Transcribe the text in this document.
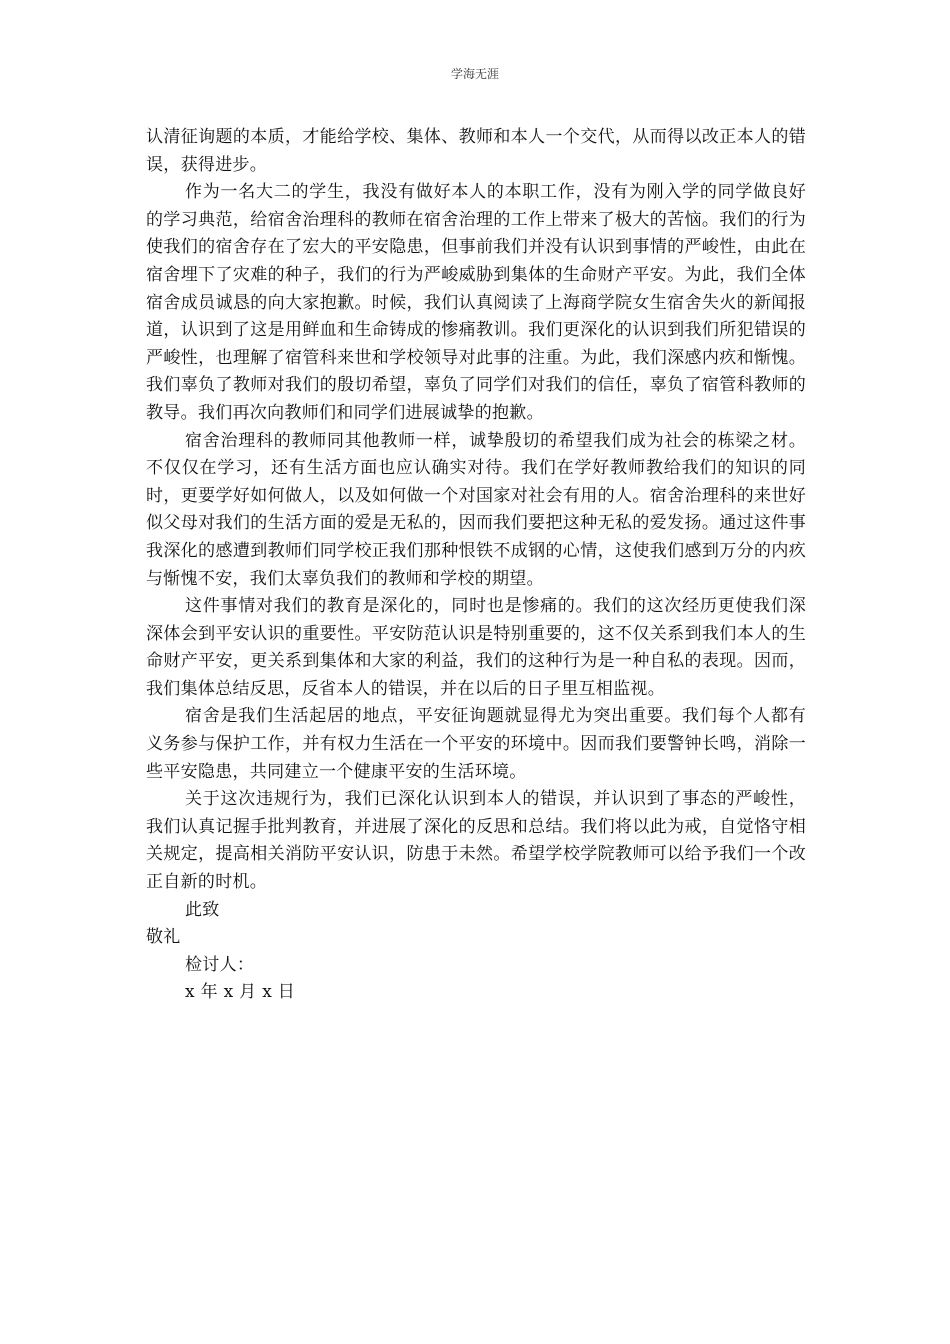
学海无涯

认清征询题的本质，才能给学校、集体、教师和本人一个交代，从而得以改正本人的错误，获得进步。

作为一名大二的学生，我没有做好本人的本职工作，没有为刚入学的同学做良好的学习典范，给宿舍治理科的教师在宿舍治理的工作上带来了极大的苦恼。我们的行为使我们的宿舍存在了宏大的平安隐患，但事前我们并没有认识到事情的严峻性，由此在宿舍埋下了灾难的种子，我们的行为严峻威胁到集体的生命财产平安。为此，我们全体宿舍成员诚恳的向大家抱歉。时候，我们认真阅读了上海商学院女生宿舍失火的新闻报道，认识到了这是用鲜血和生命铸成的惨痛教训。我们更深化的认识到我们所犯错误的严峻性，也理解了宿管科来世和学校领导对此事的注重。为此，我们深感内疚和惭愧。我们辜负了教师对我们的殷切希望，辜负了同学们对我们的信任，辜负了宿管科教师的教导。我们再次向教师们和同学们进展诚挚的抱歉。

宿舍治理科的教师同其他教师一样，诚挚殷切的希望我们成为社会的栋梁之材。不仅仅在学习，还有生活方面也应认确实对待。我们在学好教师教给我们的知识的同时，更要学好如何做人，以及如何做一个对国家对社会有用的人。宿舍治理科的来世好似父母对我们的生活方面的爱是无私的，因而我们要把这种无私的爱发扬。通过这件事我深化的感遭到教师们同学校正我们那种恨铁不成钢的心情，这使我们感到万分的内疚与惭愧不安，我们太辜负我们的教师和学校的期望。

这件事情对我们的教育是深化的，同时也是惨痛的。我们的这次经历更使我们深深体会到平安认识的重要性。平安防范认识是特别重要的，这不仅关系到我们本人的生命财产平安，更关系到集体和大家的利益，我们的这种行为是一种自私的表现。因而，我们集体总结反思，反省本人的错误，并在以后的日子里互相监视。

宿舍是我们生活起居的地点，平安征询题就显得尤为突出重要。我们每个人都有义务参与保护工作，并有权力生活在一个平安的环境中。因而我们要警钟长鸣，消除一些平安隐患，共同建立一个健康平安的生活环境。

关于这次违规行为，我们已深化认识到本人的错误，并认识到了事态的严峻性，我们认真记握手批判教育，并进展了深化的反思和总结。我们将以此为戒，自觉恪守相关规定，提高相关消防平安认识，防患于未然。希望学校学院教师可以给予我们一个改正自新的时机。

此致

敬礼

检讨人：

x 年 x 月 x 日
